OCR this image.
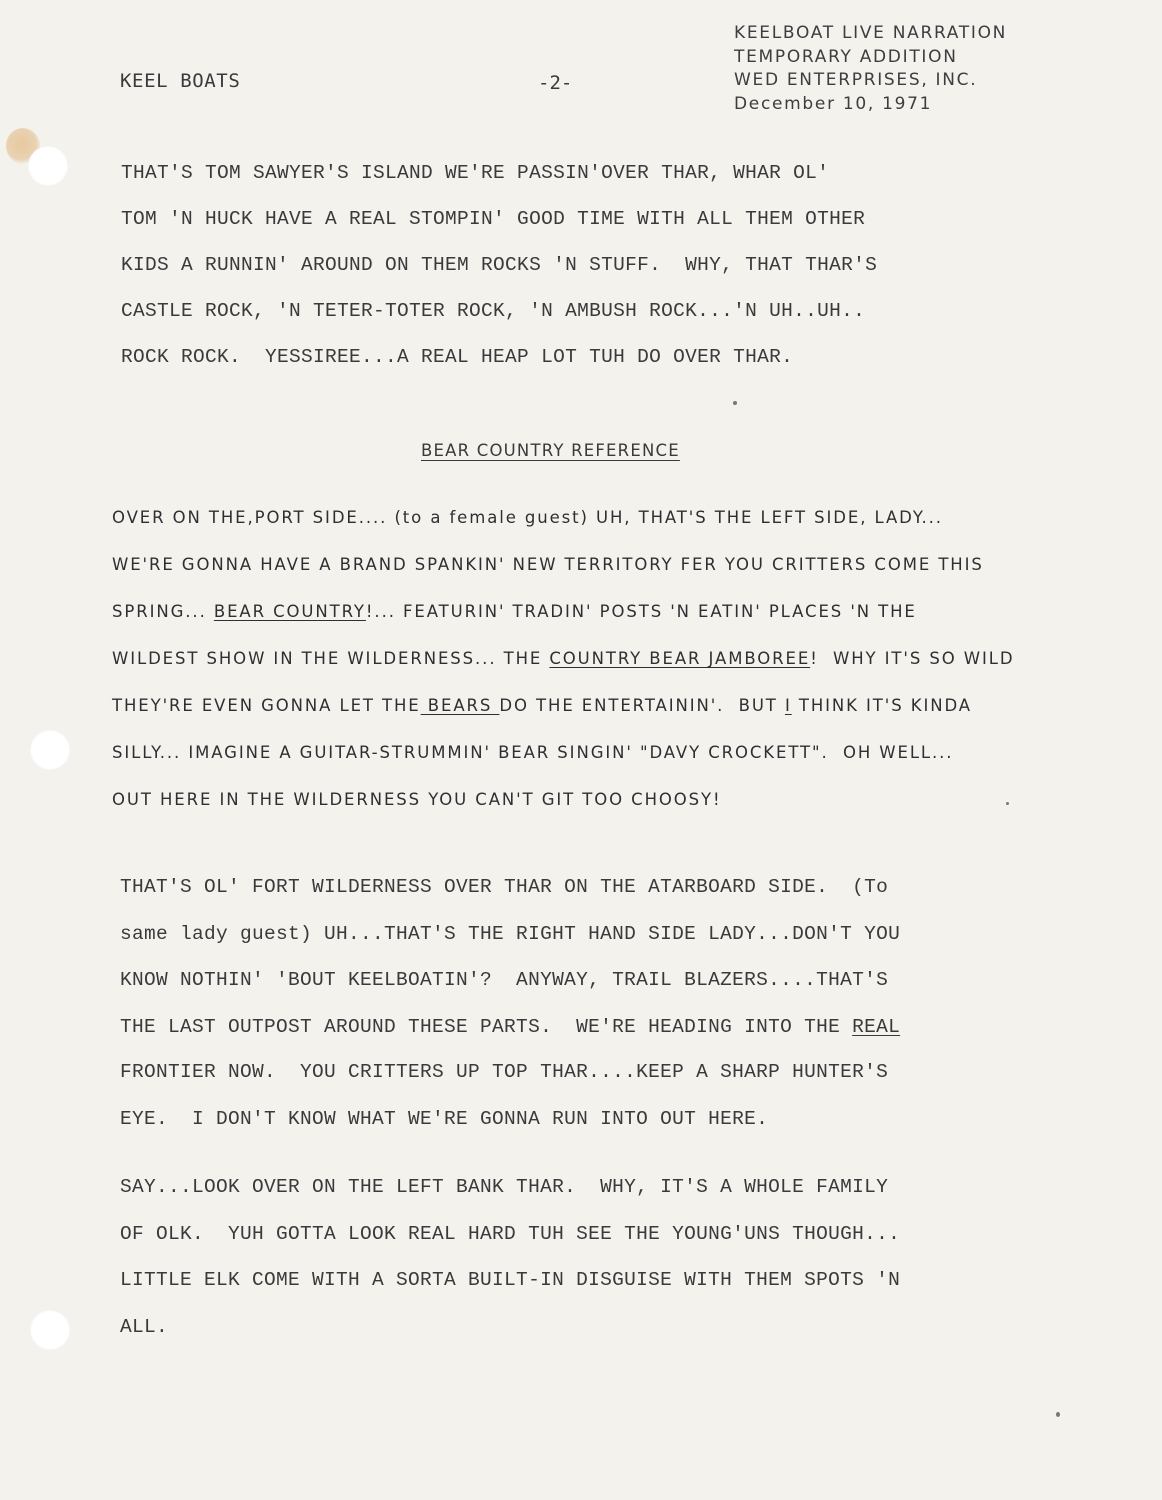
KEEL BOATS	-2-
KEELBOAT LIVE NARRATION
TEMPORARY ADDITION
WED ENTERPRISES, INC.
December 10, 1971
THAT'S TOM SAWYER'S ISLAND WE'RE PASSIN'OVER THAR, WHAR OL'
TOM 'N HUCK HAVE A REAL STOMPIN' GOOD TIME WITH ALL THEM OTHER
KIDS A RUNNIN' AROUND ON THEM ROCKS 'N STUFF.  WHY, THAT THAR'S
CASTLE ROCK, 'N TETER-TOTER ROCK, 'N AMBUSH ROCK...'N UH..UH..
ROCK ROCK.  YESSIREE...A REAL HEAP LOT TUH DO OVER THAR.
BEAR COUNTRY REFERENCE
OVER ON THE,PORT SIDE.... (to a female guest) UH, THAT'S THE LEFT SIDE, LADY...
WE'RE GONNA HAVE A BRAND SPANKIN' NEW TERRITORY FER YOU CRITTERS COME THIS
SPRING... BEAR COUNTRY!... FEATURIN' TRADIN' POSTS 'N EATIN' PLACES 'N THE
WILDEST SHOW IN THE WILDERNESS... THE COUNTRY BEAR JAMBOREE!  WHY IT'S SO WILD
THEY'RE EVEN GONNA LET THE BEARS DO THE ENTERTAININ'.  BUT I THINK IT'S KINDA
SILLY... IMAGINE A GUITAR-STRUMMIN' BEAR SINGIN' "DAVY CROCKETT".  OH WELL...
OUT HERE IN THE WILDERNESS YOU CAN'T GIT TOO CHOOSY!
THAT'S OL' FORT WILDERNESS OVER THAR ON THE ATARBOARD SIDE.  (To
same lady guest) UH...THAT'S THE RIGHT HAND SIDE LADY...DON'T YOU
KNOW NOTHIN' 'BOUT KEELBOATIN'?  ANYWAY, TRAIL BLAZERS....THAT'S
THE LAST OUTPOST AROUND THESE PARTS.  WE'RE HEADING INTO THE REAL
FRONTIER NOW.  YOU CRITTERS UP TOP THAR....KEEP A SHARP HUNTER'S
EYE.  I DON'T KNOW WHAT WE'RE GONNA RUN INTO OUT HERE.
SAY...LOOK OVER ON THE LEFT BANK THAR.  WHY, IT'S A WHOLE FAMILY
OF OLK.  YUH GOTTA LOOK REAL HARD TUH SEE THE YOUNG'UNS THOUGH...
LITTLE ELK COME WITH A SORTA BUILT-IN DISGUISE WITH THEM SPOTS 'N
ALL.
